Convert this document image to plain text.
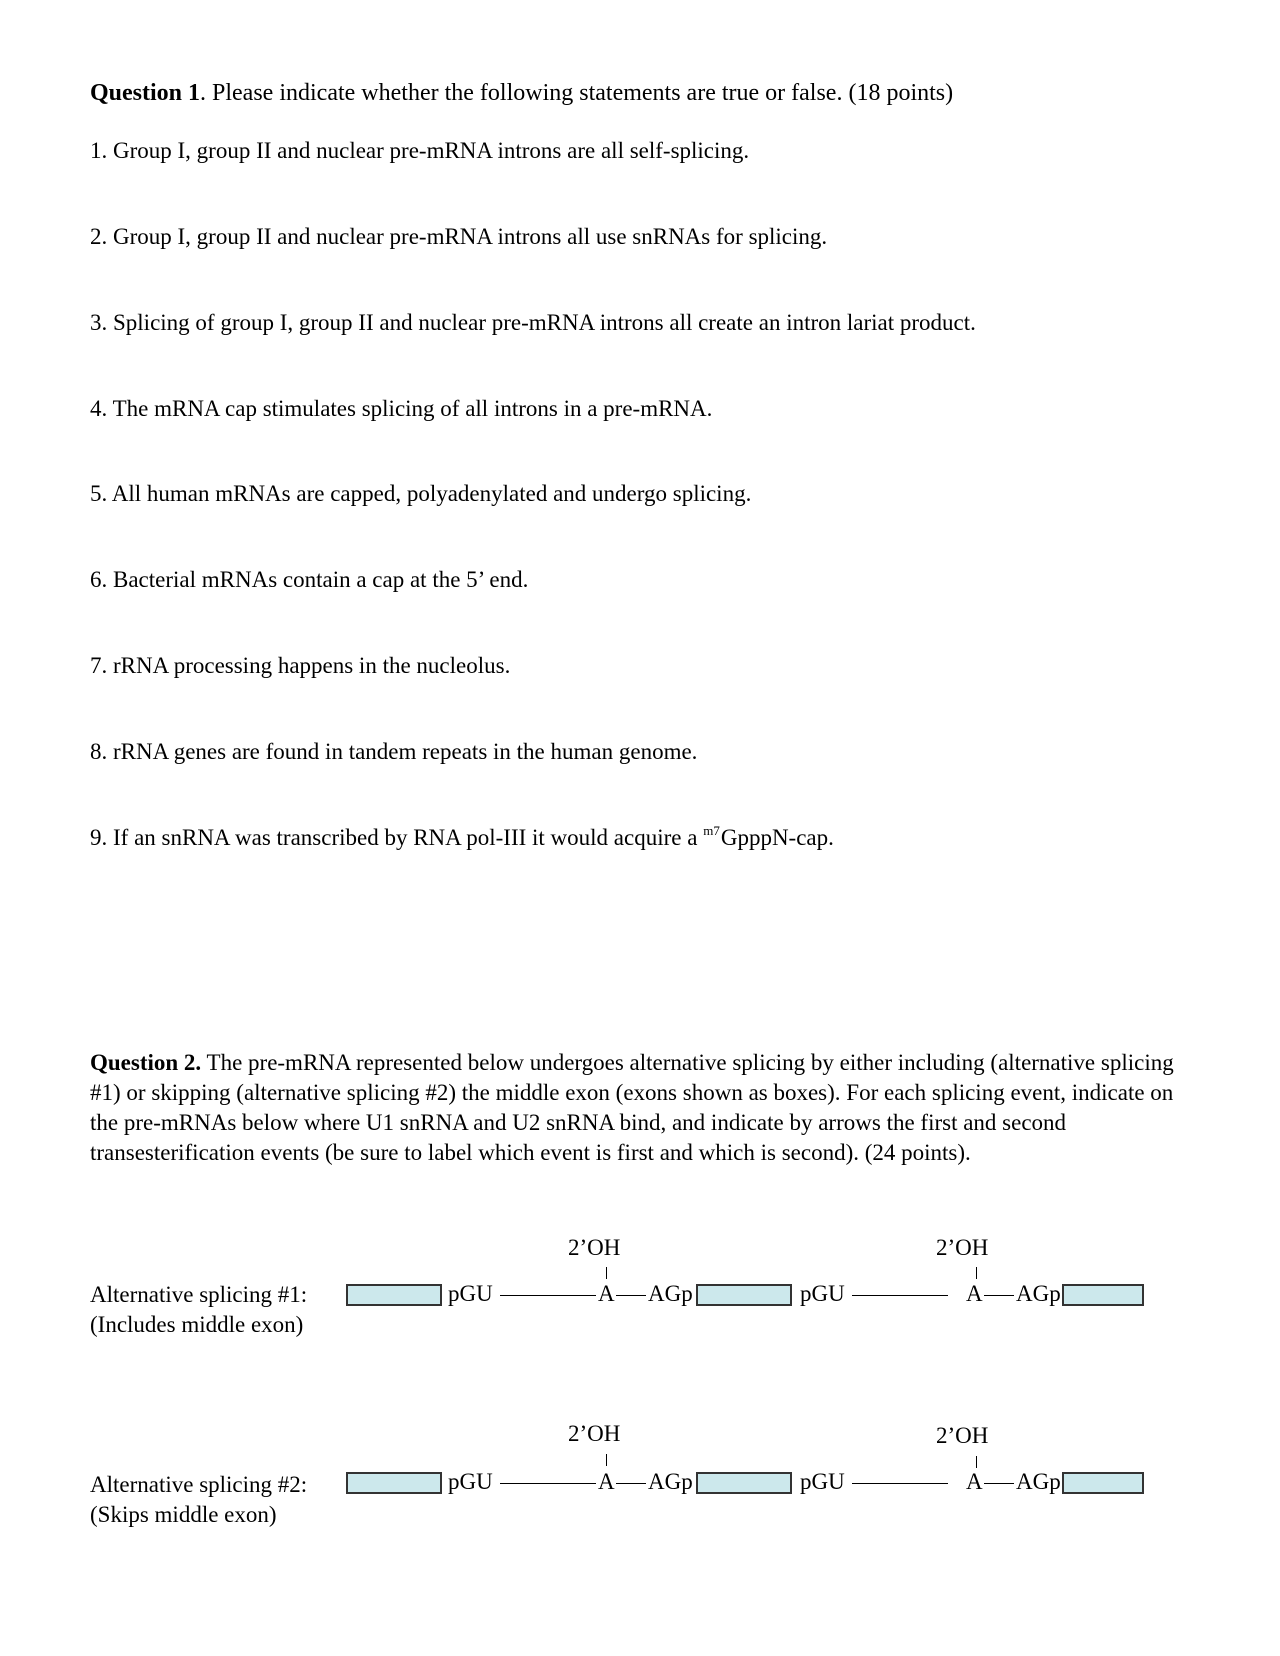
Question 1. Please indicate whether the following statements are true or false. (18 points)
1. Group I, group II and nuclear pre-mRNA introns are all self-splicing.
2. Group I, group II and nuclear pre-mRNA introns all use snRNAs for splicing.
3. Splicing of group I, group II and nuclear pre-mRNA introns all create an intron lariat product.
4. The mRNA cap stimulates splicing of all introns in a pre-mRNA.
5. All human mRNAs are capped, polyadenylated and undergo splicing.
6. Bacterial mRNAs contain a cap at the 5’ end.
7. rRNA processing happens in the nucleolus.
8. rRNA genes are found in tandem repeats in the human genome.
9. If an snRNA was transcribed by RNA pol-III it would acquire a $^{m7}$GpppN-cap.
Question 2. The pre-mRNA represented below undergoes alternative splicing by either including (alternative splicing #1) or skipping (alternative splicing #2) the middle exon (exons shown as boxes). For each splicing event, indicate on the pre-mRNAs below where U1 snRNA and U2 snRNA bind, and indicate by arrows the first and second transesterification events (be sure to label which event is first and which is second). (24 points).
Alternative splicing #1:
(Includes middle exon)
pGU
2’OH
A AGp	pGU
2’OH
A AGp
Alternative splicing #2:
(Skips middle exon)
pGU
2’OH
A AGp	pGU
2’OH
A AGp
